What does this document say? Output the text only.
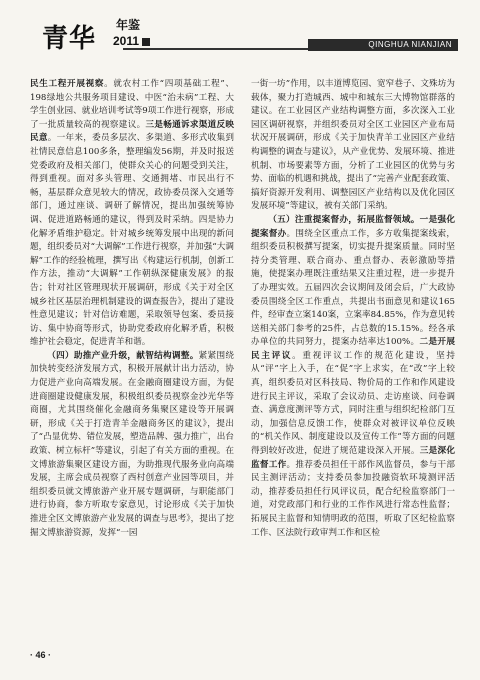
青华 年鉴
2011	QINGHUA NIANJIAN

民生工程开展视察。就农村工作“四项基础工程”、198绿地公共服务项目建设、中医“治未病”工程、大学生创业园、就业培训考试等9项工作进行视察，形成了一批质量较高的视察建议。三是畅通诉求渠道反映民意。一年来，委员多层次、多渠道、多形式收集到社情民意信息100多条，整理编发56期，并及时报送党委政府及相关部门，使群众关心的问题受到关注，得到重视。面对多头管理、交通拥堵、市民出行不畅，基层群众意见较大的情况，政协委员深入交通等部门，通过座谈、调研了解情况，提出加强统筹协调、促进道路畅通的建议，得到及时采纳。四是协力化解矛盾维护稳定。针对城乡统筹发展中出现的新问题，组织委员对“大调解”工作进行视察，并加强“大调解”工作的经验梳理，撰写出《构建运行机制，创新工作方法，推动“大调解”工作朝纵深健康发展》的报告；针对社区管理现状开展调研，形成《关于对全区城乡社区基层治理机制建设的调查报告》，提出了建设性意见建议；针对信访难题，采取领导包案、委员接访、集中协商等形式，协助党委政府化解矛盾，积极维护社会稳定，促进青羊和谐。

（四）助推产业升级，献智结构调整。紧紧围绕加快转变经济发展方式，积极开展献计出力活动，协力促进产业向高端发展。在金融商圈建设方面，为促进商圈建设健康发展，积极组织委员视察金沙光华等商圈，尤其围绕催化金融商务集聚区建设等开展调研，形成《关于打造青羊金融商务区的建议》，提出了“凸显优势、错位发展，塑造品牌、强力推广，出台政策、树立标杆”等建议，引起了有关方面的重视。在文博旅游集聚区建设方面，为助推现代服务业向高端发展，主席会成员视察了西村创意产业园等项目，并组织委员就文博旅游产业开展专题调研，与职能部门进行协商，参方听取专家意见，讨论形成《关于加快推进全区文博旅游产业发展的调查与思考》，提出了挖掘文博旅游资源，发挥“一园

一街一坊”作用，以丰道博览园、宽窄巷子、文殊坊为载体，聚力打造城西、城中和城东三大博物馆群落的建议。在工业园区产业结构调整方面，多次深入工业园区调研视察，并组织委员对全区工业园区产业布局状况开展调研，形成《关于加快青羊工业园区产业结构调整的调查与建议》，从产业优势、发展环境、推进机制、市场要素等方面，分析了工业园区的优势与劣势、面临的机遇和挑战，提出了“完善产业配套政策、搞好资源开发利用、调整园区产业结构以及优化园区发展环境”等建议，被有关部门采纳。

（五）注重提案督办，拓展监督领域。一是强化提案督办。围绕全区重点工作，多方收集提案线索，组织委员积极撰写提案，切实提升提案质量。同时坚持分类管理、联合商办、重点督办、表彰激励等措施，使提案办理既注重结果又注重过程，进一步提升了办理实效。五届四次会议期间及闭会后，广大政协委员围绕全区工作重点，共提出书面意见和建议165件，经审查立案140案，立案率84.85%，作为意见转送相关部门参考的25件，占总数的15.15%。经各承办单位的共同努力，提案办结率达100%。二是开展民主评议。重视评议工作的规范化建设，坚持从“评”字上入手，在“促”字上求实，在“改”字上较真，组织委员对区科技局、物价局的工作和作风建设进行民主评议，采取了会议动员、走访座谈、问卷调查、满意度测评等方式，同时注重与组织纪检部门互动，加强信息反馈工作，使群众对被评议单位反映的“机关作风、制度建设以及宣传工作”等方面的问题得到较好改进，促进了规范建设深入开展。三是深化监督工作。推荐委员担任干部作风监督员，参与干部民主测评活动；支持委员参加投融资软环境测评活动，推荐委员担任行风评议员，配合纪检监察部门一道，对党政部门和行业的工作作风进行常态性监督；拓展民主监督和知情明政的范围，听取了区纪检监察工作、区法院行政审判工作和区检

· 46 ·
